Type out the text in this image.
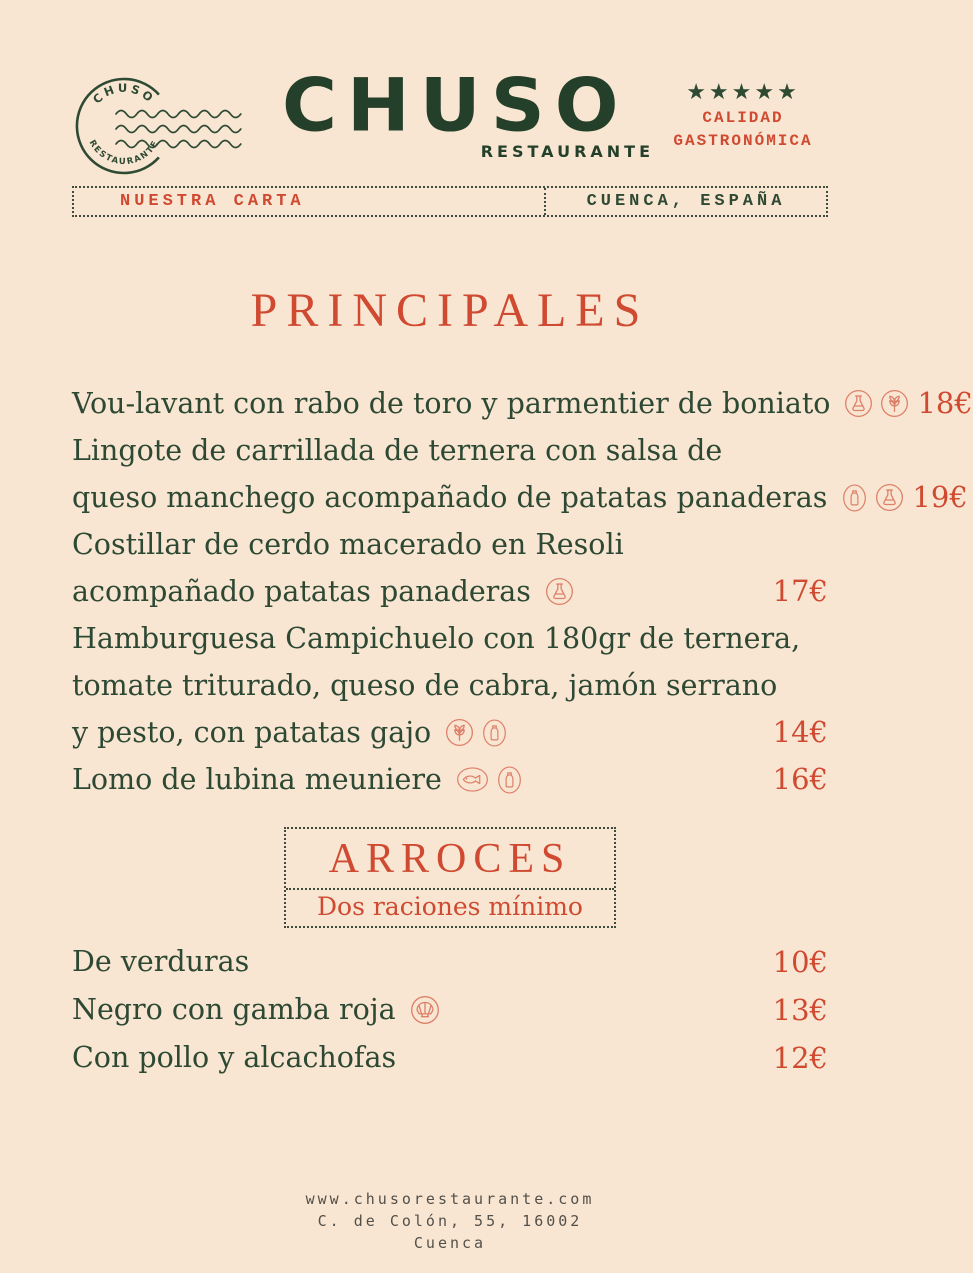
CHUSO
RESTAURANTE CHUSO
RESTAURANTE
★★★★★
CALIDAD
GASTRONÓMICA
NUESTRA CARTA	CUENCA, ESPAÑA
PRINCIPALES
Vou-lavant con rabo de toro y parmentier de boniato	18€
Lingote de carrillada de ternera con salsa de
queso manchego acompañado de patatas panaderas	19€
Costillar de cerdo macerado en Resoli
acompañado patatas panaderas	17€
Hamburguesa Campichuelo con 180gr de ternera,
tomate triturado, queso de cabra, jamón serrano
y pesto, con patatas gajo	14€
Lomo de lubina meuniere	16€
ARROCES
Dos raciones mínimo
De verduras	10€
Negro con gamba roja	13€
Con pollo y alcachofas	12€
www.chusorestaurante.com
C. de Colón, 55, 16002
Cuenca
